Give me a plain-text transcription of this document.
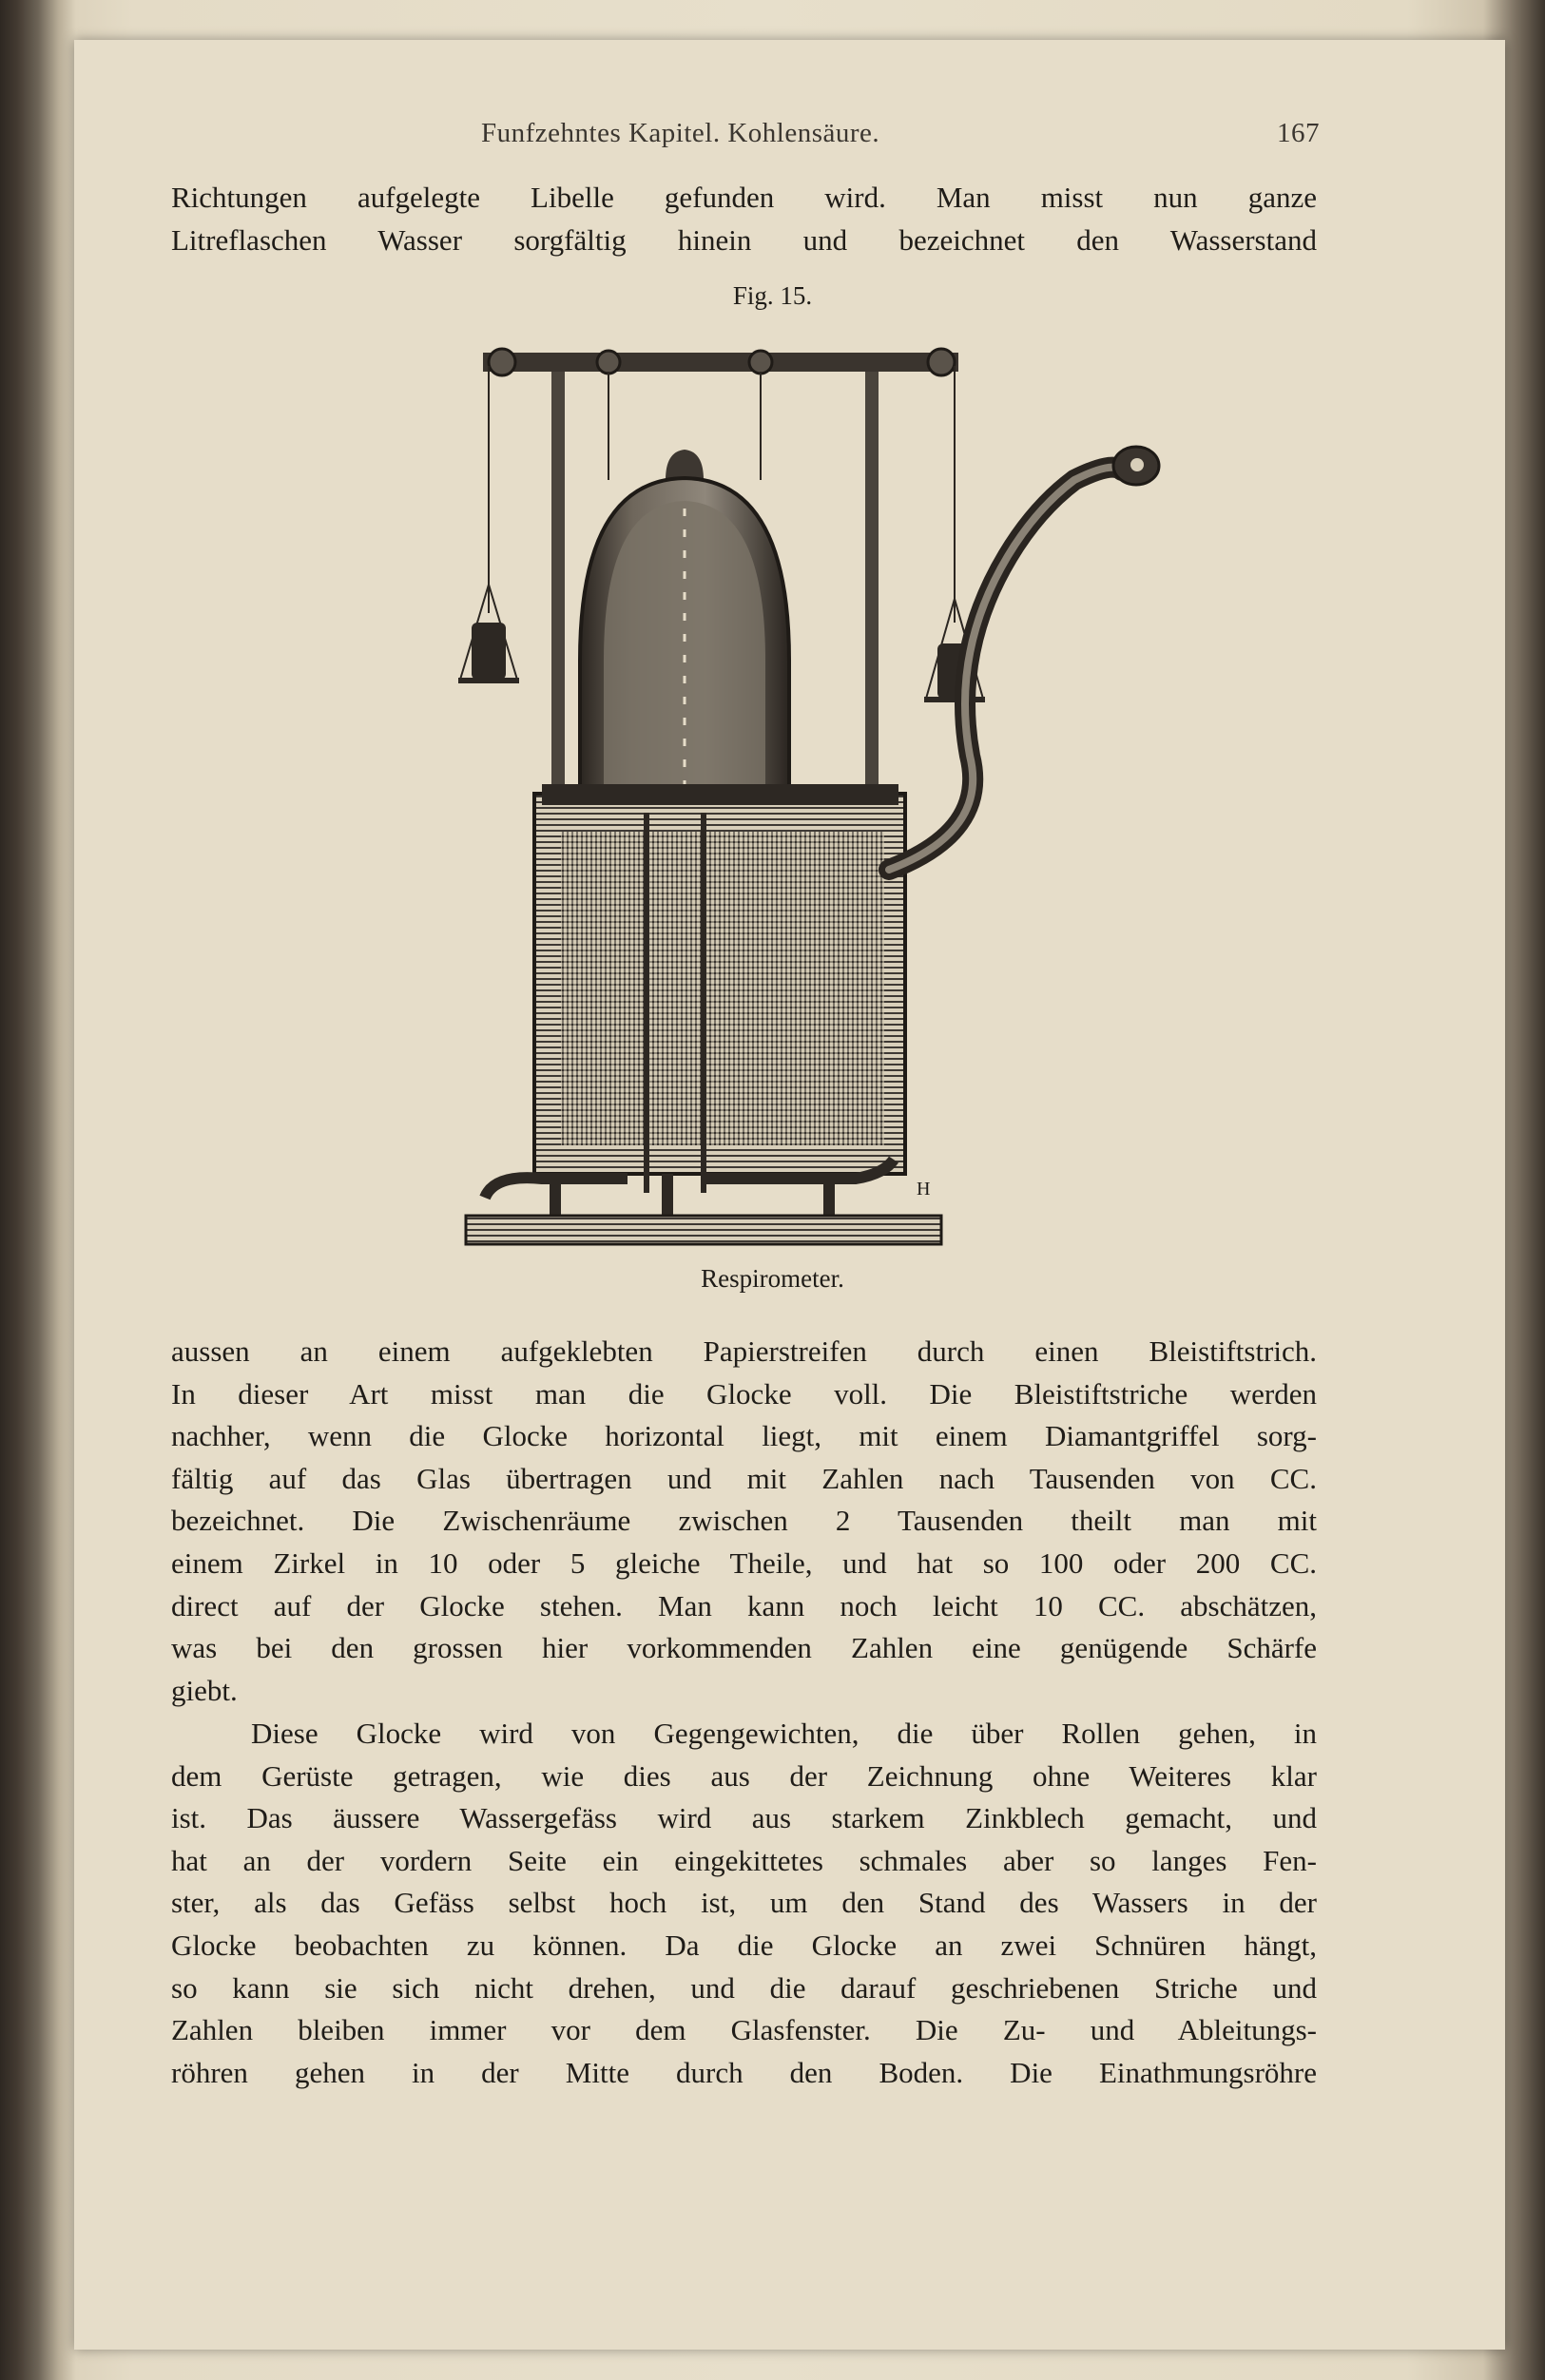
Funfzehntes Kapitel. Kohlensäure.	167
Richtungen aufgelegte Libelle gefunden wird. Man misst nun ganze
Litreflaschen Wasser sorgfältig hinein und bezeichnet den Wasserstand
Fig. 15.
H
Respirometer.
aussen an einem aufgeklebten Papierstreifen durch einen Bleistiftstrich.
In dieser Art misst man die Glocke voll. Die Bleistiftstriche werden
nachher, wenn die Glocke horizontal liegt, mit einem Diamantgriffel sorg-
fältig auf das Glas übertragen und mit Zahlen nach Tausenden von CC.
bezeichnet. Die Zwischenräume zwischen 2 Tausenden theilt man mit
einem Zirkel in 10 oder 5 gleiche Theile, und hat so 100 oder 200 CC.
direct auf der Glocke stehen. Man kann noch leicht 10 CC. abschätzen,
was bei den grossen hier vorkommenden Zahlen eine genügende Schärfe
giebt.
Diese Glocke wird von Gegengewichten, die über Rollen gehen, in
dem Gerüste getragen, wie dies aus der Zeichnung ohne Weiteres klar
ist. Das äussere Wassergefäss wird aus starkem Zinkblech gemacht, und
hat an der vordern Seite ein eingekittetes schmales aber so langes Fen-
ster, als das Gefäss selbst hoch ist, um den Stand des Wassers in der
Glocke beobachten zu können. Da die Glocke an zwei Schnüren hängt,
so kann sie sich nicht drehen, und die darauf geschriebenen Striche und
Zahlen bleiben immer vor dem Glasfenster. Die Zu- und Ableitungs-
röhren gehen in der Mitte durch den Boden. Die Einathmungsröhre
